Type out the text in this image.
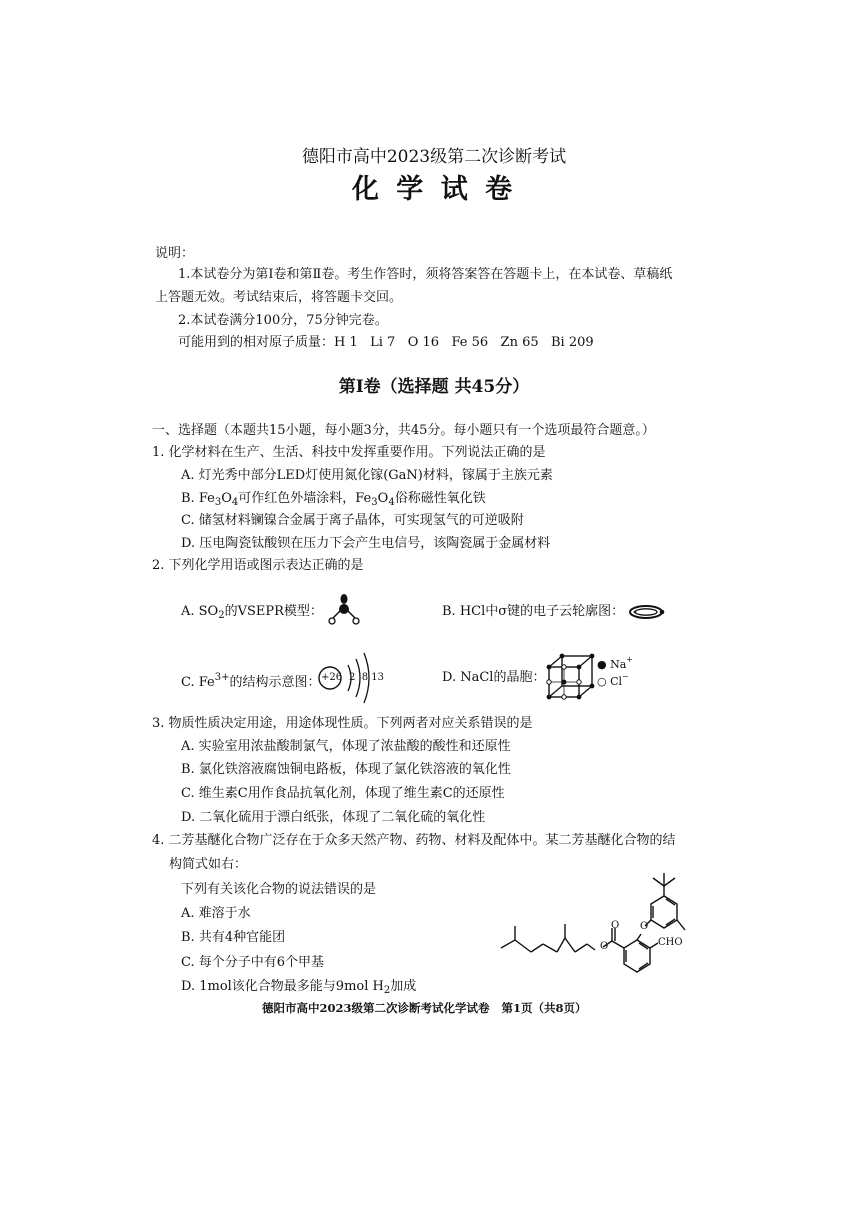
德阳市高中2023级第二次诊断考试
化 学 试 卷
说明：
1.本试卷分为第Ⅰ卷和第Ⅱ卷。考生作答时，须将答案答在答题卡上，在本试卷、草稿纸
上答题无效。考试结束后，将答题卡交回。
2.本试卷满分100分，75分钟完卷。
可能用到的相对原子质量：H 1   Li 7   O 16   Fe 56   Zn 65   Bi 209
第Ⅰ卷（选择题 共45分）
一、选择题（本题共15小题，每小题3分，共45分。每小题只有一个选项最符合题意。）
1. 化学材料在生产、生活、科技中发挥重要作用。下列说法正确的是
A. 灯光秀中部分LED灯使用氮化镓(GaN)材料，镓属于主族元素
B. $Fe_3O_4$可作红色外墙涂料，$Fe_3O_4$俗称磁性氧化铁
C. 储氢材料镧镍合金属于离子晶体，可实现氢气的可逆吸附
D. 压电陶瓷钛酸钡在压力下会产生电信号，该陶瓷属于金属材料
2. 下列化学用语或图示表达正确的是
A. $SO_2$的VSEPR模型：	B. HCl中σ键的电子云轮廓图：
C. $Fe^{3+}$的结构示意图： +26 2  8 13	D. NaCl的晶胞：
● Na+
○ Cl−
3. 物质性质决定用途，用途体现性质。下列两者对应关系错误的是
A. 实验室用浓盐酸制氯气，体现了浓盐酸的酸性和还原性
B. 氯化铁溶液腐蚀铜电路板，体现了氯化铁溶液的氧化性
C. 维生素C用作食品抗氧化剂，体现了维生素C的还原性
D. 二氧化硫用于漂白纸张，体现了二氧化硫的氧化性
4. 二芳基醚化合物广泛存在于众多天然产物、药物、材料及配体中。某二芳基醚化合物的结
构简式如右：
下列有关该化合物的说法错误的是
A. 难溶于水
B. 共有4种官能团
C. 每个分子中有6个甲基
D. 1mol该化合物最多能与9mol $H_2$加成
O
O
O	CHO
德阳市高中2023级第二次诊断考试化学试卷   第1页（共8页）
